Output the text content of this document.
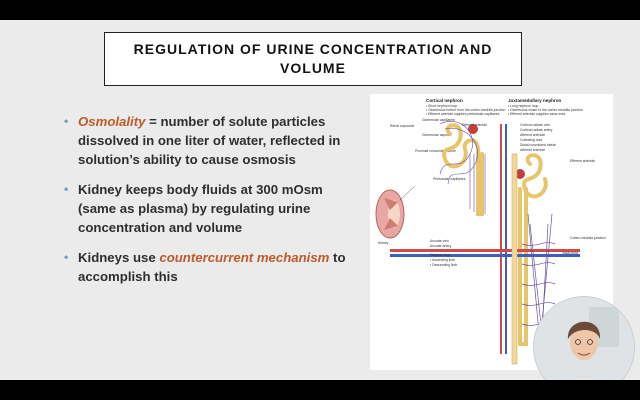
REGULATION OF URINE CONCENTRATION AND VOLUME
• Osmolality = number of solute particles dissolved in one liter of water, reflected in solution’s ability to cause osmosis
• Kidney keeps body fluids at 300 mOsm (same as plasma) by regulating urine concentration and volume
• Kidneys use countercurrent mechanism to accomplish this
Cortical nephron
• Short nephron loop
• Glomerulus further from the cortex-medulla junction
• Efferent arteriole supplies peritubular capillaries
Juxtamedullary nephron
• Long nephron loop
• Glomerulus closer to the cortex-medulla junction
• Efferent arteriole supplies vasa recta
Kidney
Renal corpuscle
Glomerular capillaries
Glomerular capsule
Proximal convoluted tubule
Peritubular capillaries
Efferent arteriole	Cortical radiate vein
Cortical radiate artery
Afferent arteriole
Collecting duct
Distal convoluted tubule
Afferent arteriole
Efferent arteriole
Cortex-medulla junction
Vasa recta
Arcuate vein
Arcuate artery
Nephron loop
• Ascending limb
• Descending limb
